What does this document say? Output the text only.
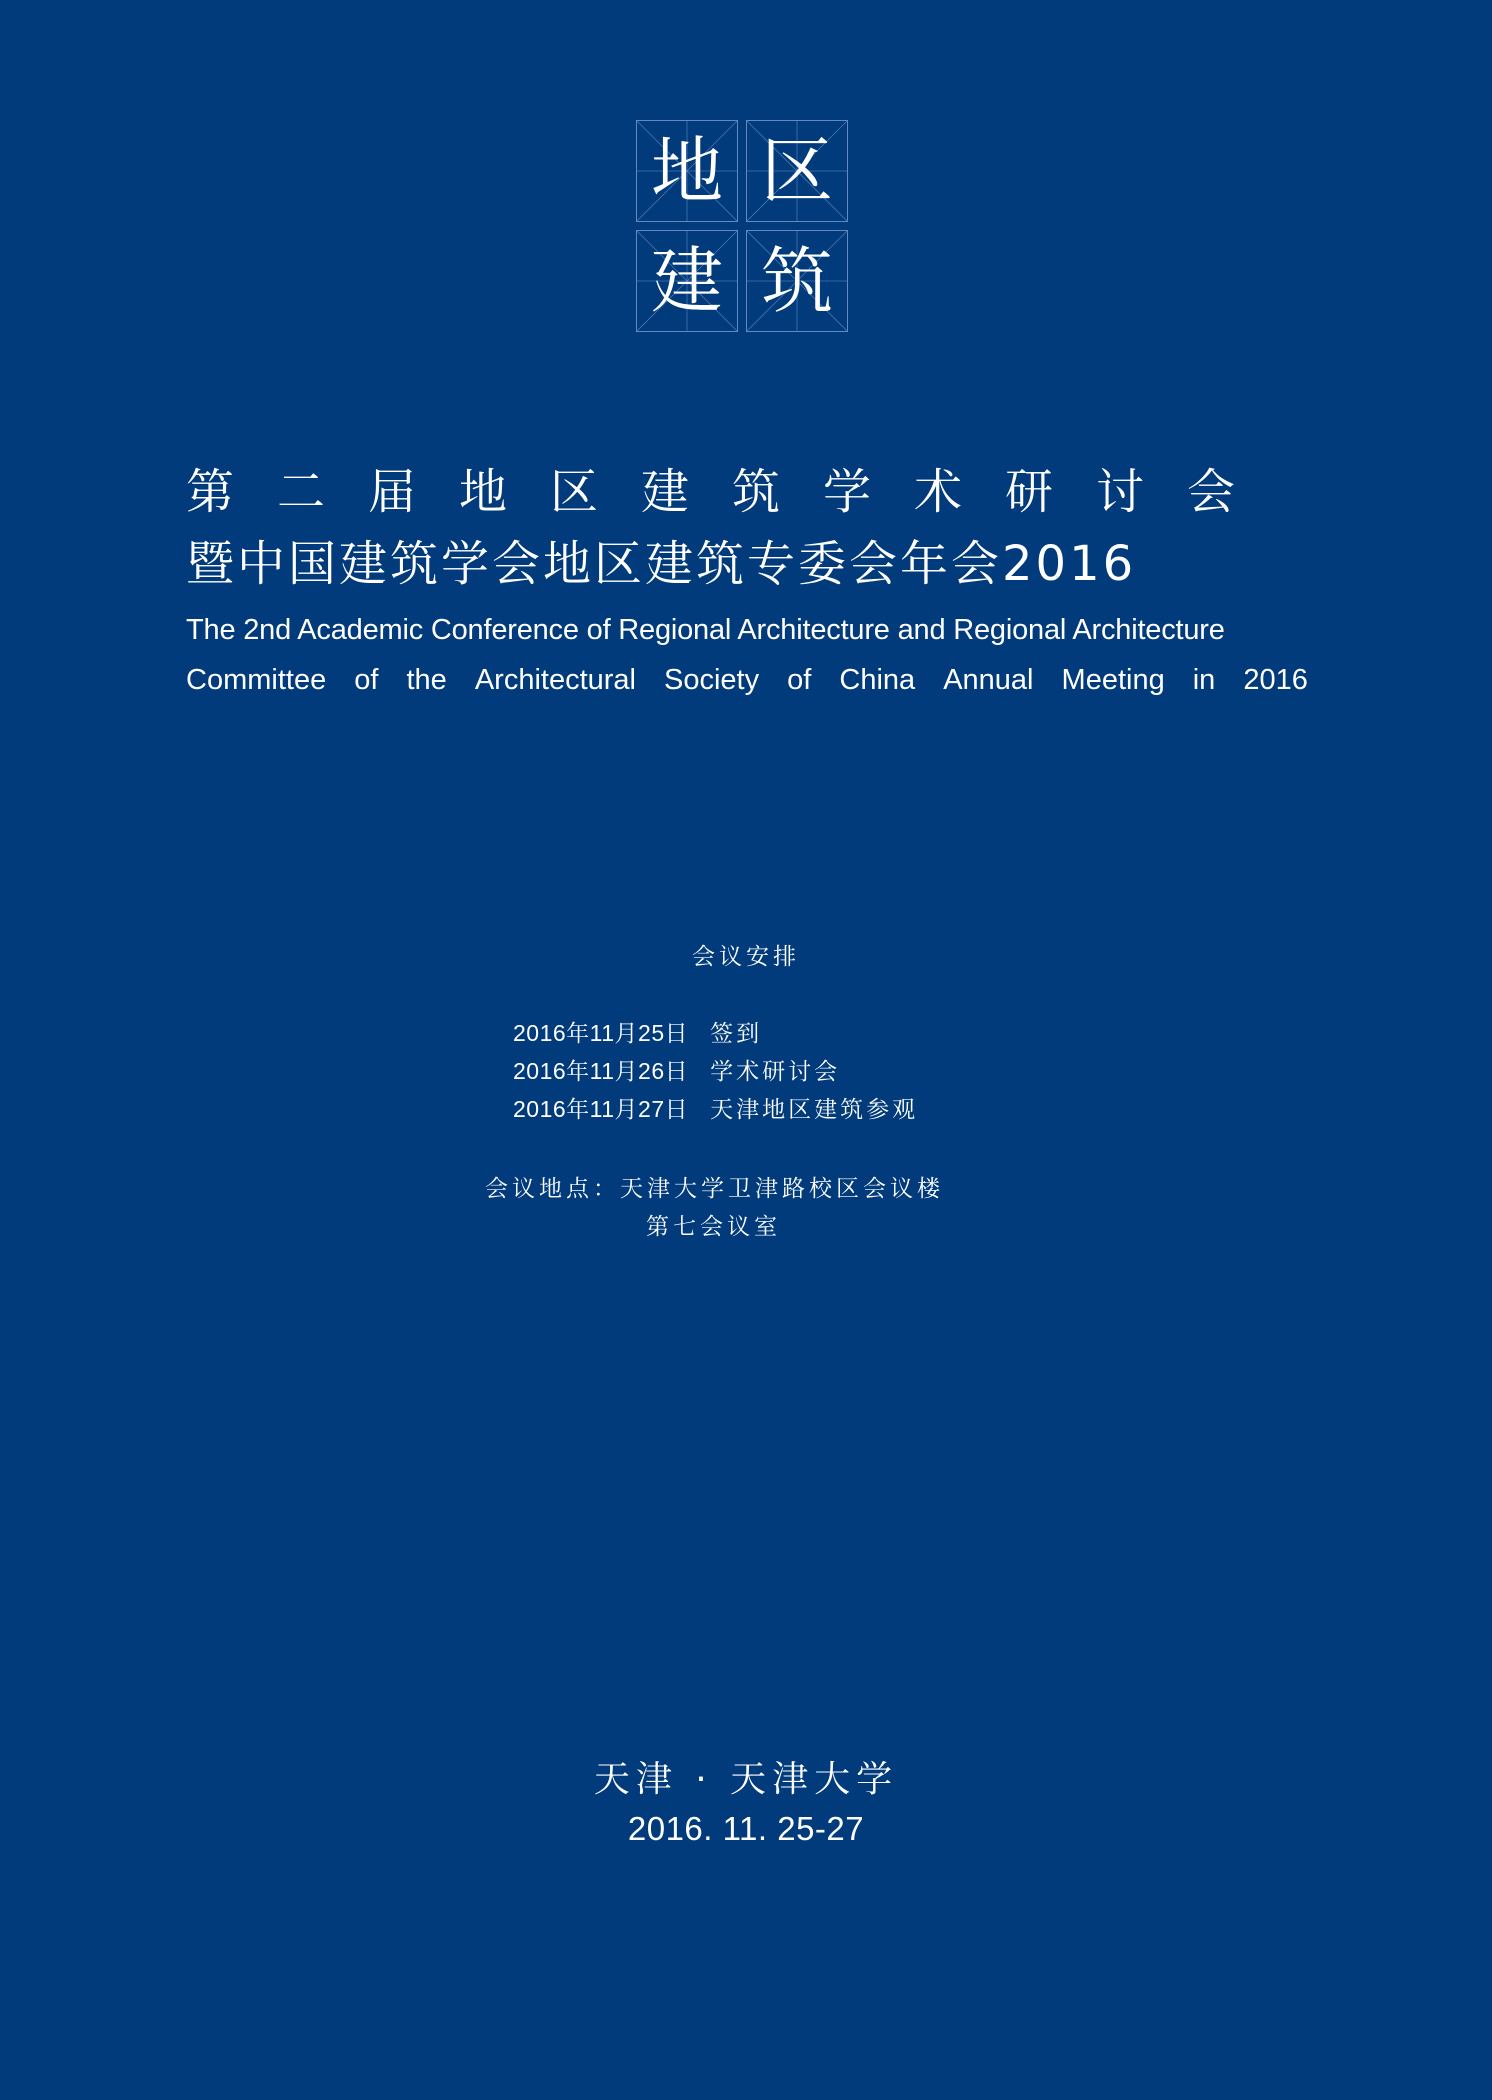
地 区
建 筑
第二届地区建筑学术研讨会
暨中国建筑学会地区建筑专委会年会2016
The 2nd Academic Conference of Regional Architecture and Regional Architecture
Committee of the Architectural Society of China Annual Meeting in 2016
会议安排
2016年11月25日 签到
2016年11月26日 学术研讨会
2016年11月27日 天津地区建筑参观
会议地点：天津大学卫津路校区会议楼
第七会议室
天津 · 天津大学
2016. 11. 25-27
